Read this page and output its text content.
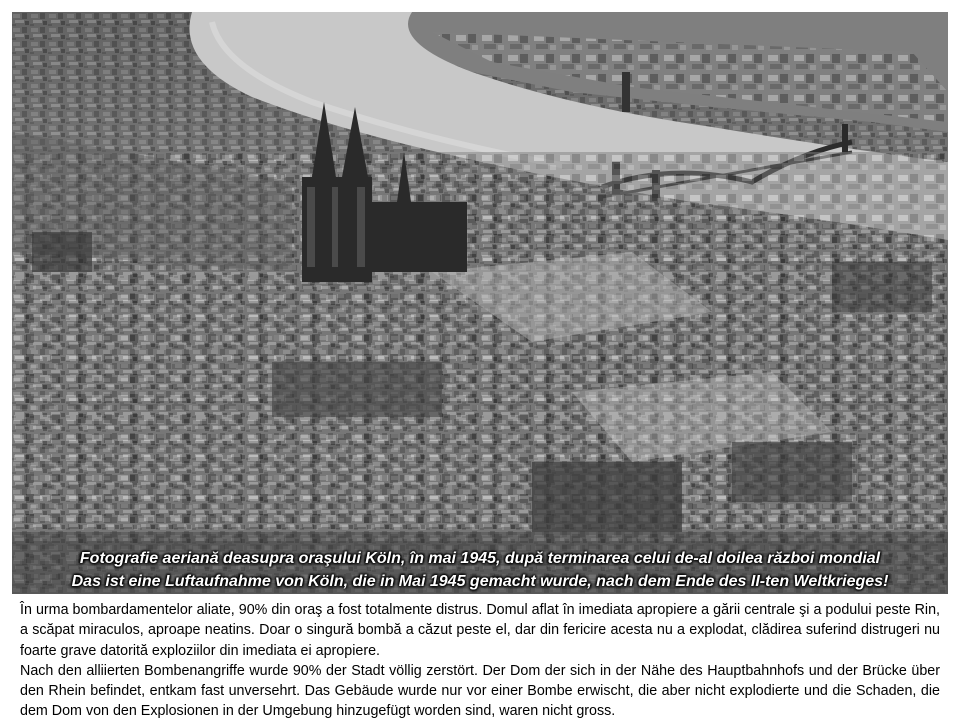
Fotografie aeriană deasupra oraşului Köln, în mai 1945, după terminarea celui de-al doilea război mondial
Das ist eine Luftaufnahme von Köln, die in Mai 1945 gemacht wurde, nach dem Ende des II-ten Weltkrieges!

În urma bombardamentelor aliate, 90% din oraş a fost totalmente distrus. Domul aflat în imediata apropiere a gării centrale şi a podului peste Rin, a scăpat miraculos, aproape neatins. Doar o singură bombă a căzut peste el, dar din fericire acesta nu a explodat, clădirea suferind distrugeri nu foarte grave datorită exploziilor din imediata ei apropiere.

Nach den alliierten Bombenangriffe wurde 90% der Stadt völlig zerstört. Der Dom der sich in der Nähe des Hauptbahnhofs und der Brücke über den Rhein befindet, entkam fast unversehrt. Das Gebäude wurde nur vor einer Bombe erwischt, die aber nicht explodierte und die Schaden, die dem Dom von den Explosionen in der Umgebung hinzugefügt worden sind, waren nicht gross.
